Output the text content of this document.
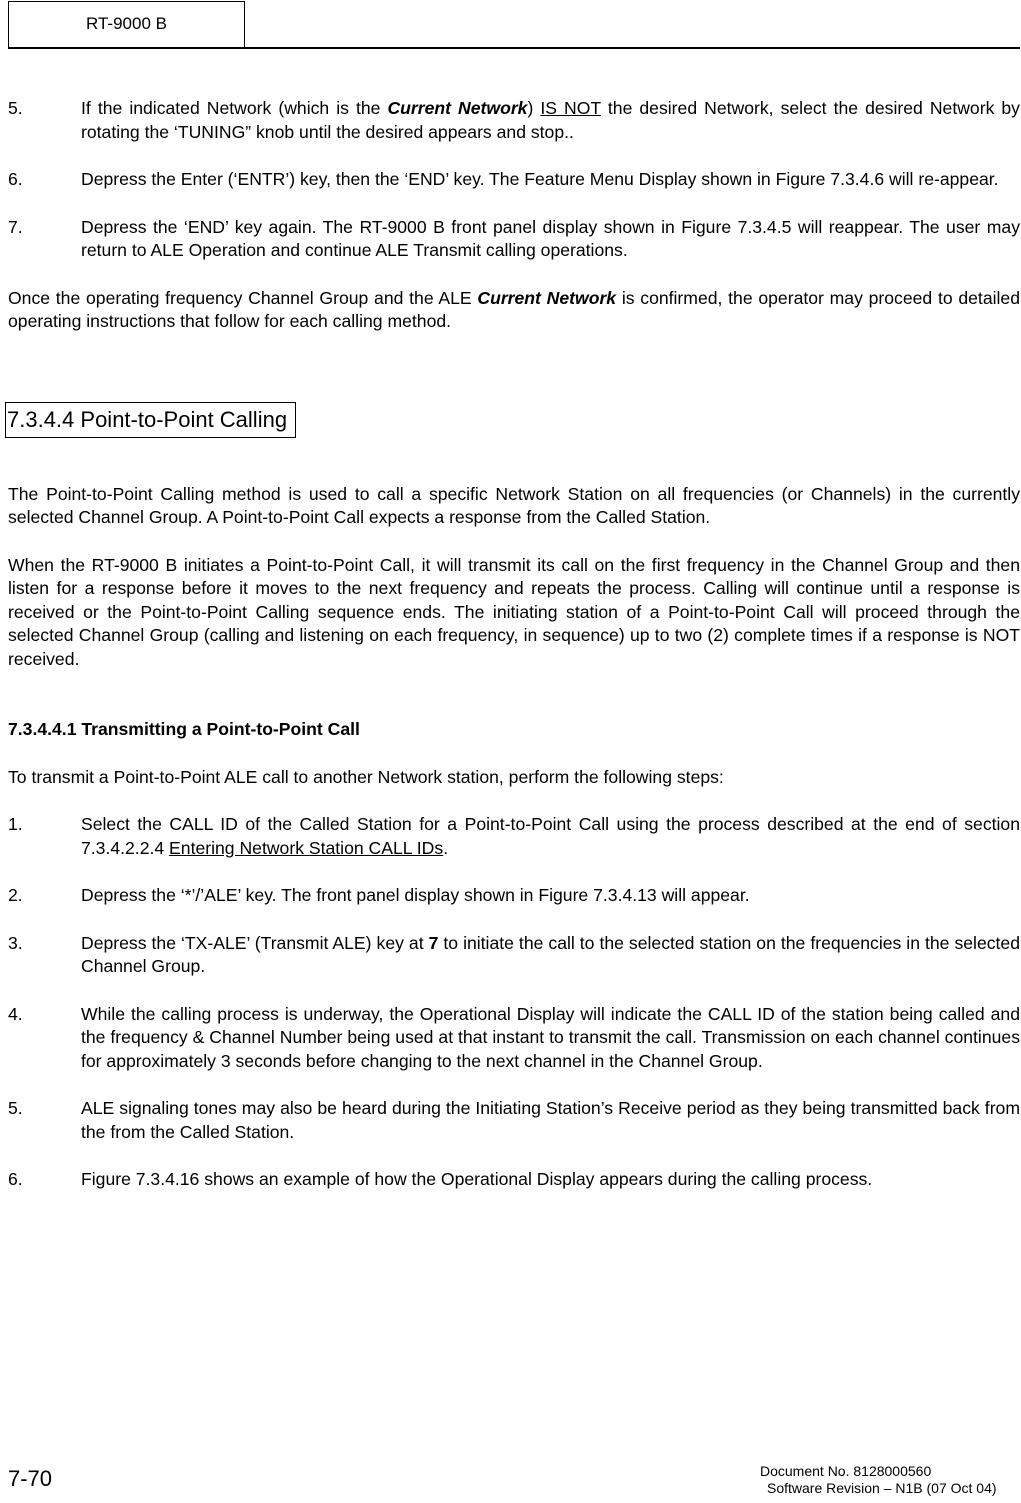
RT-9000 B
5.	If the indicated Network (which is the Current Network) IS NOT the desired Network, select the desired Network by rotating the ‘TUNING” knob until the desired appears and stop..
6.	Depress the Enter (‘ENTR’) key, then the ‘END’ key. The Feature Menu Display shown in Figure 7.3.4.6 will re-appear.
7.	Depress the ‘END’ key again. The RT-9000 B front panel display shown in Figure 7.3.4.5 will reappear. The user may return to ALE Operation and continue ALE Transmit calling operations.

Once the operating frequency Channel Group and the ALE Current Network is confirmed, the operator may proceed to detailed operating instructions that follow for each calling method.

7.3.4.4 Point-to-Point Calling

The Point-to-Point Calling method is used to call a specific Network Station on all frequencies (or Channels) in the currently selected Channel Group. A Point-to-Point Call expects a response from the Called Station.

When the RT-9000 B initiates a Point-to-Point Call, it will transmit its call on the first frequency in the Channel Group and then listen for a response before it moves to the next frequency and repeats the process. Calling will continue until a response is received or the Point-to-Point Calling sequence ends. The initiating station of a Point-to-Point Call will proceed through the selected Channel Group (calling and listening on each frequency, in sequence) up to two (2) complete times if a response is NOT received.

7.3.4.4.1 Transmitting a Point-to-Point Call

To transmit a Point-to-Point ALE call to another Network station, perform the following steps:

1.	Select the CALL ID of the Called Station for a Point-to-Point Call using the process described at the end of section 7.3.4.2.2.4 Entering Network Station CALL IDs.
2.	Depress the ‘*’/’ALE’ key. The front panel display shown in Figure 7.3.4.13 will appear.
3.	Depress the ‘TX-ALE’ (Transmit ALE) key at 7 to initiate the call to the selected station on the frequencies in the selected Channel Group.
4.	While the calling process is underway, the Operational Display will indicate the CALL ID of the station being called and the frequency & Channel Number being used at that instant to transmit the call. Transmission on each channel continues for approximately 3 seconds before changing to the next channel in the Channel Group.
5.	ALE signaling tones may also be heard during the Initiating Station’s Receive period as they being transmitted back from the from the Called Station.
6.	Figure 7.3.4.16 shows an example of how the Operational Display appears during the calling process.
7-70	Document No. 8128000560
Software Revision – N1B (07 Oct 04)
